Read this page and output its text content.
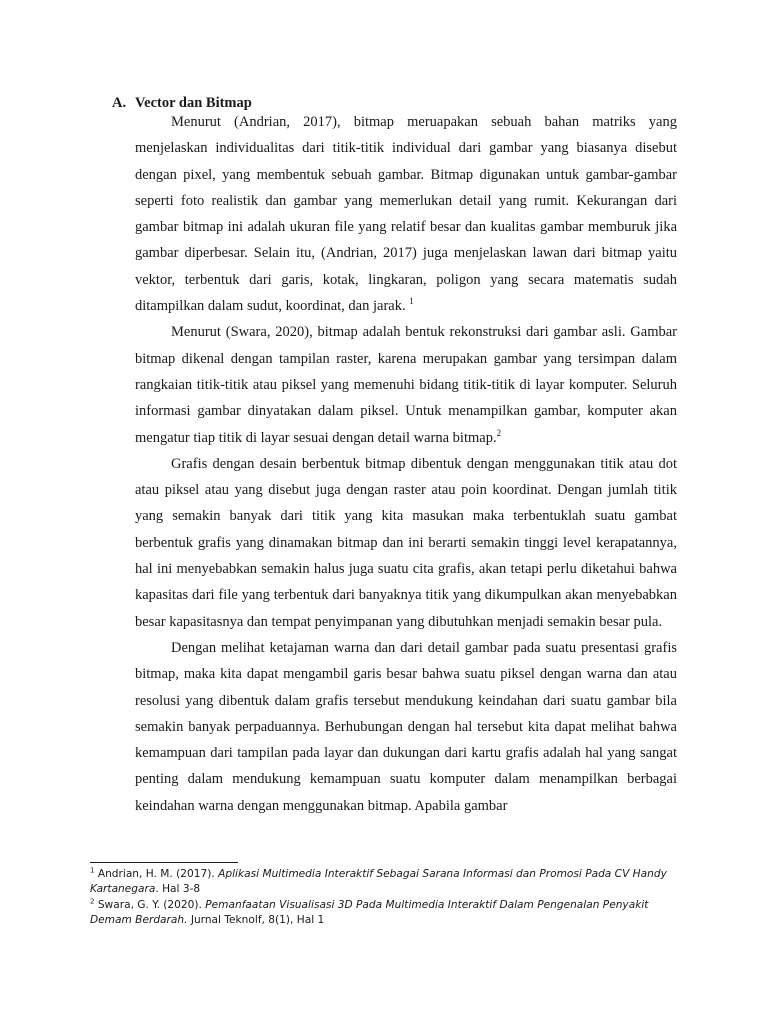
A. Vector dan Bitmap

Menurut (Andrian, 2017), bitmap meruapakan sebuah bahan matriks yang menjelaskan individualitas dari titik-titik individual dari gambar yang biasanya disebut dengan pixel, yang membentuk sebuah gambar. Bitmap digunakan untuk gambar-gambar seperti foto realistik dan gambar yang memerlukan detail yang rumit. Kekurangan dari gambar bitmap ini adalah ukuran file yang relatif besar dan kualitas gambar memburuk jika gambar diperbesar. Selain itu, (Andrian, 2017) juga menjelaskan lawan dari bitmap yaitu vektor, terbentuk dari garis, kotak, lingkaran, poligon yang secara matematis sudah ditampilkan dalam sudut, koordinat, dan jarak. $^1$

Menurut (Swara, 2020), bitmap adalah bentuk rekonstruksi dari gambar asli. Gambar bitmap dikenal dengan tampilan raster, karena merupakan gambar yang tersimpan dalam rangkaian titik-titik atau piksel yang memenuhi bidang titik-titik di layar komputer. Seluruh informasi gambar dinyatakan dalam piksel. Untuk menampilkan gambar, komputer akan mengatur tiap titik di layar sesuai dengan detail warna bitmap.$^2$

Grafis dengan desain berbentuk bitmap dibentuk dengan menggunakan titik atau dot atau piksel atau yang disebut juga dengan raster atau poin koordinat. Dengan jumlah titik yang semakin banyak dari titik yang kita masukan maka terbentuklah suatu gambat berbentuk grafis yang dinamakan bitmap dan ini berarti semakin tinggi level kerapatannya, hal ini menyebabkan semakin halus juga suatu cita grafis, akan tetapi perlu diketahui bahwa kapasitas dari file yang terbentuk dari banyaknya titik yang dikumpulkan akan menyebabkan besar kapasitasnya dan tempat penyimpanan yang dibutuhkan menjadi semakin besar pula.

Dengan melihat ketajaman warna dan dari detail gambar pada suatu presentasi grafis bitmap, maka kita dapat mengambil garis besar bahwa suatu piksel dengan warna dan atau resolusi yang dibentuk dalam grafis tersebut mendukung keindahan dari suatu gambar bila semakin banyak perpaduannya. Berhubungan dengan hal tersebut kita dapat melihat bahwa kemampuan dari tampilan pada layar dan dukungan dari kartu grafis adalah hal yang sangat penting dalam mendukung kemampuan suatu komputer dalam menampilkan berbagai keindahan warna dengan menggunakan bitmap. Apabila gambar

$^1$ Andrian, H. M. (2017). Aplikasi Multimedia Interaktif Sebagai Sarana Informasi dan Promosi Pada CV Handy Kartanegara. Hal 3-8

$^2$ Swara, G. Y. (2020). Pemanfaatan Visualisasi 3D Pada Multimedia Interaktif Dalam Pengenalan Penyakit Demam Berdarah. Jurnal Teknolf, 8(1), Hal 1
